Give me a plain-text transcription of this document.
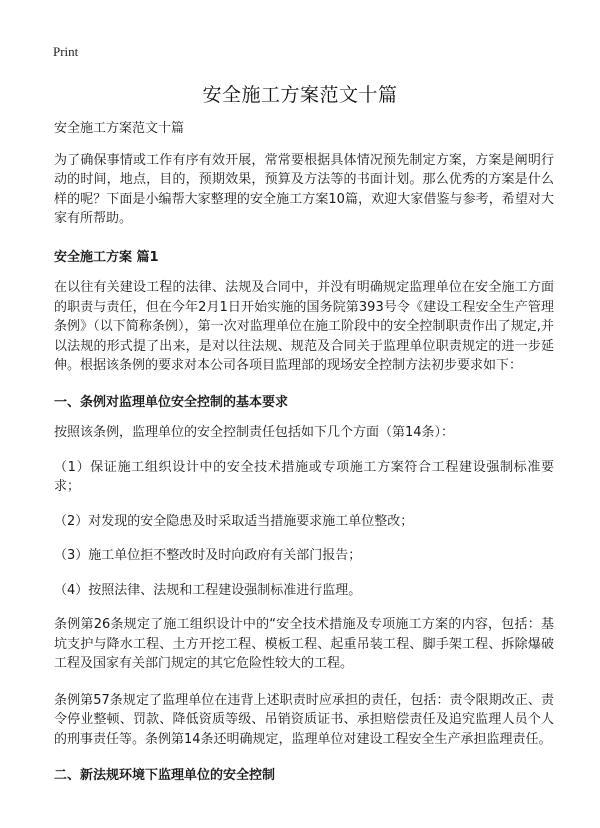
Print
安全施工方案范文十篇

安全施工方案范文十篇

为了确保事情或工作有序有效开展，常常要根据具体情况预先制定方案，方案是阐明行动的时间，地点，目的，预期效果，预算及方法等的书面计划。那么优秀的方案是什么样的呢？下面是小编帮大家整理的安全施工方案10篇，欢迎大家借鉴与参考，希望对大家有所帮助。

安全施工方案 篇1

在以往有关建设工程的法律、法规及合同中，并没有明确规定监理单位在安全施工方面的职责与责任，但在今年2月1日开始实施的国务院第393号令《建设工程安全生产管理条例》（以下简称条例），第一次对监理单位在施工阶段中的安全控制职责作出了规定,并以法规的形式提了出来，是对以往法规、规范及合同关于监理单位职责规定的进一步延伸。根据该条例的要求对本公司各项目监理部的现场安全控制方法初步要求如下：

一、条例对监理单位安全控制的基本要求

按照该条例，监理单位的安全控制责任包括如下几个方面（第14条）：

（1）保证施工组织设计中的安全技术措施或专项施工方案符合工程建设强制标准要求；

（2）对发现的安全隐患及时采取适当措施要求施工单位整改；

（3）施工单位拒不整改时及时向政府有关部门报告；

（4）按照法律、法规和工程建设强制标准进行监理。

条例第26条规定了施工组织设计中的“安全技术措施及专项施工方案的内容，包括：基坑支护与降水工程、土方开挖工程、模板工程、起重吊装工程、脚手架工程、拆除爆破工程及国家有关部门规定的其它危险性较大的工程。

条例第57条规定了监理单位在违背上述职责时应承担的责任，包括：责令限期改正、责令停业整顿、罚款、降低资质等级、吊销资质证书、承担赔偿责任及追究监理人员个人的刑事责任等。条例第14条还明确规定，监理单位对建设工程安全生产承担监理责任。

二、新法规环境下监理单位的安全控制
